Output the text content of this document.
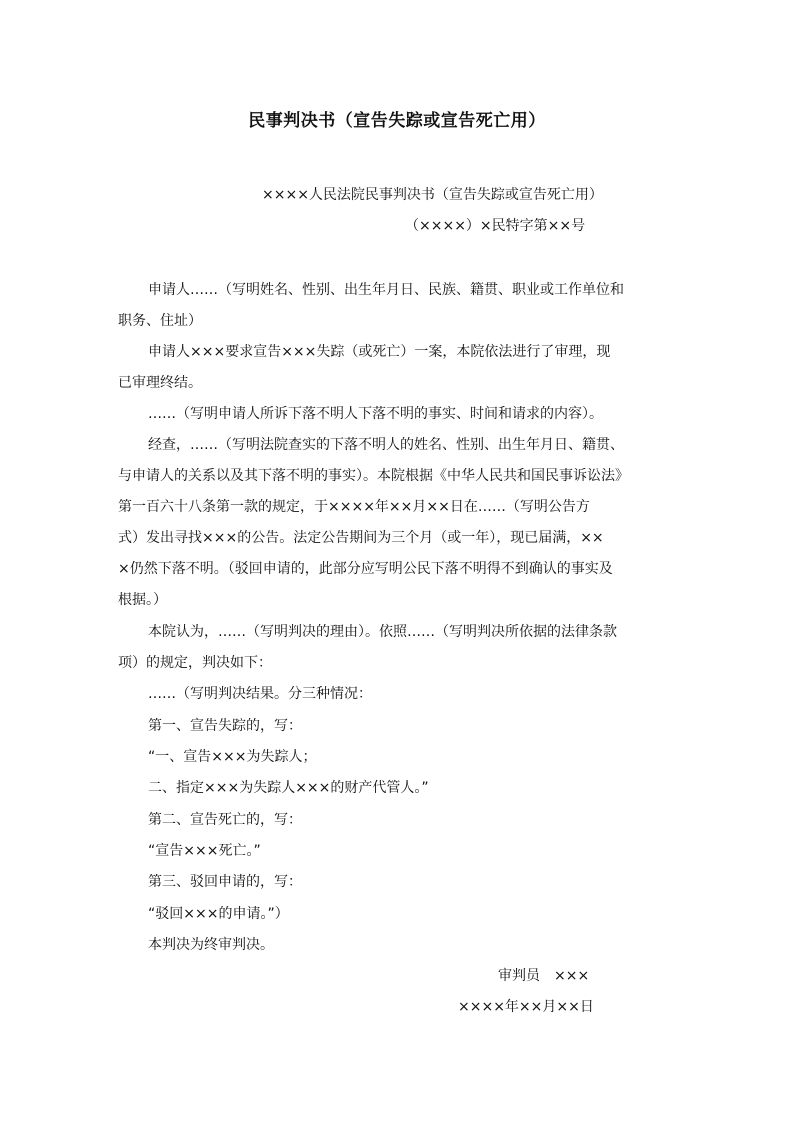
民事判决书（宣告失踪或宣告死亡用）
××××人民法院民事判决书（宣告失踪或宣告死亡用）
（××××）×民特字第××号
申请人……（写明姓名、性别、出生年月日、民族、籍贯、职业或工作单位和
职务、住址）
申请人×××要求宣告×××失踪（或死亡）一案，本院依法进行了审理，现
已审理终结。
……（写明申请人所诉下落不明人下落不明的事实、时间和请求的内容）。
经查，……（写明法院查实的下落不明人的姓名、性别、出生年月日、籍贯、
与申请人的关系以及其下落不明的事实）。本院根据《中华人民共和国民事诉讼法》
第一百六十八条第一款的规定，于××××年××月××日在……（写明公告方
式）发出寻找×××的公告。法定公告期间为三个月（或一年），现已届满，××
×仍然下落不明。（驳回申请的，此部分应写明公民下落不明得不到确认的事实及
根据。）
本院认为，……（写明判决的理由）。依照……（写明判决所依据的法律条款
项）的规定，判决如下：
……（写明判决结果。分三种情况：
第一、宣告失踪的，写：
“一、宣告×××为失踪人；
二、指定×××为失踪人×××的财产代管人。”
第二、宣告死亡的，写：
“宣告×××死亡。”
第三、驳回申请的，写：
“驳回×××的申请。”）
本判决为终审判决。
审判员　×××
××××年××月××日
